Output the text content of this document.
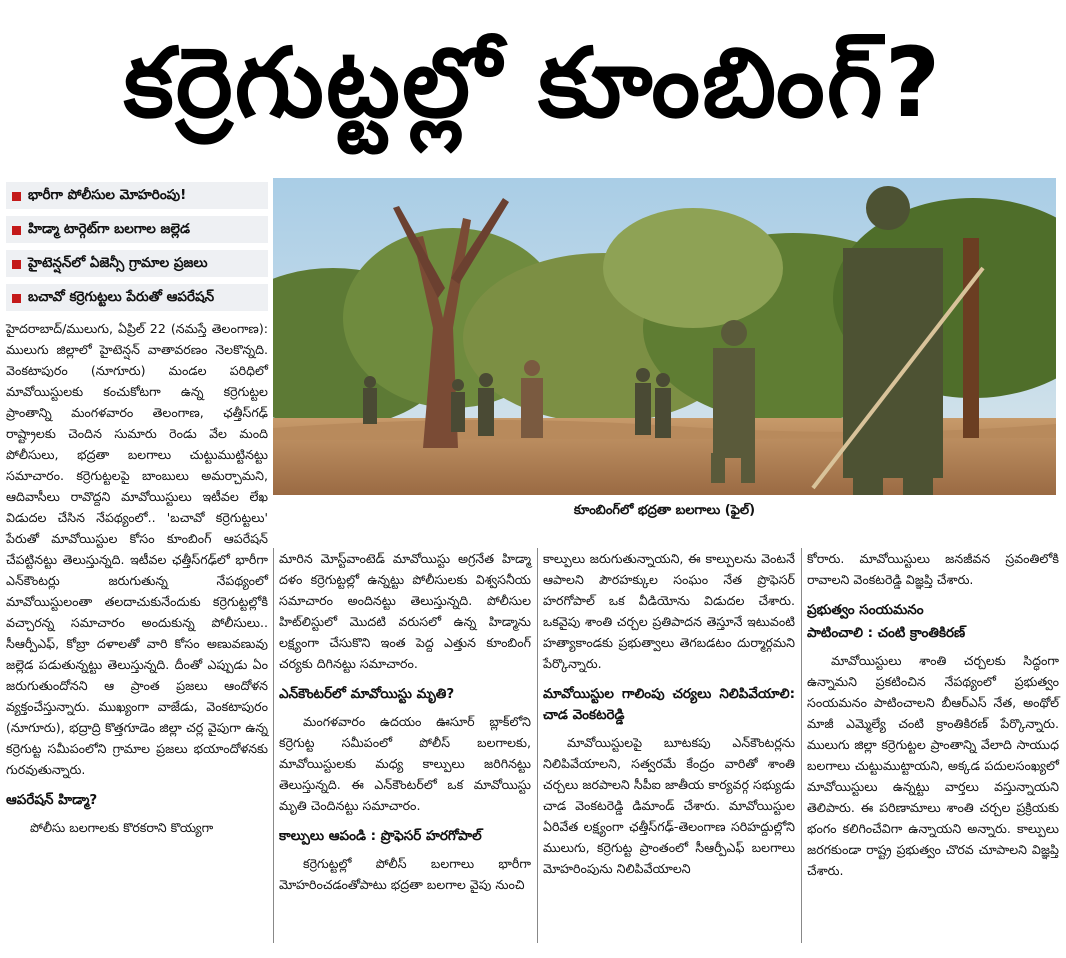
కర్రెగుట్టల్లో కూంబింగ్?
భారీగా పోలీసుల మోహరింపు!
హిడ్మా టార్గెట్‌గా బలగాల జల్లెడ
హైటెన్షన్‌లో ఏజెన్సీ గ్రామాల ప్రజలు
బచావో కర్రెగుట్టలు పేరుతో ఆపరేషన్
కూంబింగ్‌లో భద్రతా బలగాలు (ఫైల్)

హైదరాబాద్/ములుగు, ఏప్రిల్ 22 (నమస్తే తెలంగాణ): ములుగు జిల్లాలో హైటెన్షన్ వాతావరణం నెలకొన్నది. వెంకటాపురం (నూగూరు) మండల పరిధిలో మావోయిస్టులకు కంచుకోటగా ఉన్న కర్రెగుట్టల ప్రాంతాన్ని మంగళవారం తెలంగాణ, ఛత్తీస్‌గఢ్ రాష్ట్రాలకు చెందిన సుమారు రెండు వేల మంది పోలీసులు, భద్రతా బలగాలు చుట్టుముట్టినట్టు సమాచారం. కర్రెగుట్టలపై బాంబులు అమర్చామని, ఆదివాసీలు రావొద్దని మావోయిస్టులు ఇటీవల లేఖ విడుదల చేసిన నేపథ్యంలో.. 'బచావో కర్రెగుట్టలు' పేరుతో మావోయిస్టుల కోసం కూంబింగ్ ఆపరేషన్ చేపట్టినట్టు తెలుస్తున్నది. ఇటీవల ఛత్తీస్‌గఢ్‌లో భారీగా ఎన్‌కౌంటర్లు జరుగుతున్న నేపథ్యంలో మావోయిస్టులంతా తలదాచుకునేందుకు కర్రెగుట్టల్లోకి వచ్చారన్న సమాచారం అందుకున్న పోలీసులు.. సీఆర్పీఎఫ్, కోబ్రా దళాలతో వారి కోసం అణువణువు జల్లెడ పడుతున్నట్టు తెలుస్తున్నది. దీంతో ఎప్పుడు ఏం జరుగుతుందోనని ఆ ప్రాంత ప్రజలు ఆందోళన వ్యక్తంచేస్తున్నారు. ముఖ్యంగా వాజేడు, వెంకటాపురం (నూగూరు), భద్రాద్రి కొత్తగూడెం జిల్లా చర్ల వైపుగా ఉన్న కర్రెగుట్ట సమీపంలోని గ్రామాల ప్రజలు భయాందోళనకు గురవుతున్నారు.

ఆపరేషన్ హిడ్మా?

పోలీసు బలగాలకు కొరకరాని కొయ్యగా

మారిన మోస్ట్‌వాంటెడ్ మావోయిస్టు అగ్రనేత హిడ్మా దళం కర్రెగుట్టల్లో ఉన్నట్టు పోలీసులకు విశ్వసనీయ సమాచారం అందినట్టు తెలుస్తున్నది. పోలీసుల హిట్‌లిస్టులో మొదటి వరుసలో ఉన్న హిడ్మాను లక్ష్యంగా చేసుకొని ఇంత పెద్ద ఎత్తున కూంబింగ్ చర్యకు దిగినట్టు సమాచారం.

ఎన్‌కౌంటర్‌లో మావోయిస్టు మృతి?

మంగళవారం ఉదయం ఊసూర్ బ్లాక్‌లోని కర్రెగుట్ట సమీపంలో పోలీస్ బలగాలకు, మావోయిస్టులకు మధ్య కాల్పులు జరిగినట్టు తెలుస్తున్నది. ఈ ఎన్‌కౌంటర్‌లో ఒక మావోయిస్టు మృతి చెందినట్టు సమాచారం.

కాల్పులు ఆపండి : ప్రొఫెసర్ హరగోపాల్

కర్రెగుట్టల్లో పోలీస్ బలగాలు భారీగా మోహరించడంతోపాటు భద్రతా బలగాల వైపు నుంచి

కాల్పులు జరుగుతున్నాయని, ఈ కాల్పులను వెంటనే ఆపాలని పౌరహక్కుల సంఘం నేత ప్రొఫెసర్ హరగోపాల్ ఒక వీడియోను విడుదల చేశారు. ఒకవైపు శాంతి చర్చల ప్రతిపాదన తెస్తూనే ఇటువంటి హత్యాకాండకు ప్రభుత్వాలు తెగబడటం దుర్మార్గమని పేర్కొన్నారు.

మావోయిస్టుల గాలింపు చర్యలు నిలిపివేయాలి: చాడ వెంకటరెడ్డి

మావోయిస్టులపై బూటకపు ఎన్‌కౌంటర్లను నిలిపివేయాలని, సత్వరమే కేంద్రం వారితో శాంతి చర్చలు జరపాలని సీపీఐ జాతీయ కార్యవర్గ సభ్యుడు చాడ వెంకటరెడ్డి డిమాండ్ చేశారు. మావోయిస్టుల ఏరివేత లక్ష్యంగా ఛత్తీస్‌గఢ్-తెలంగాణ సరిహద్దుల్లోని ములుగు, కర్రెగుట్ట ప్రాంతంలో సీఆర్పీఎఫ్ బలగాలు మోహరింపును నిలిపివేయాలని

కోరారు. మావోయిస్టులు జనజీవన స్రవంతిలోకి రావాలని వెంకటరెడ్డి విజ్ఞప్తి చేశారు.

ప్రభుత్వం సంయమనం

పాటించాలి : చంటి క్రాంతికిరణ్

మావోయిస్టులు శాంతి చర్చలకు సిద్ధంగా ఉన్నామని ప్రకటించిన నేపథ్యంలో ప్రభుత్వం సంయమనం పాటించాలని బీఆర్ఎస్ నేత, అంథోల్ మాజీ ఎమ్మెల్యే చంటి క్రాంతికిరణ్ పేర్కొన్నారు. ములుగు జిల్లా కర్రెగుట్టల ప్రాంతాన్ని వేలాది సాయుధ బలగాలు చుట్టుముట్టాయని, అక్కడ పదులసంఖ్యలో మావోయిస్టులు ఉన్నట్టు వార్తలు వస్తున్నాయని తెలిపారు. ఈ పరిణామాలు శాంతి చర్చల ప్రక్రియకు భంగం కలిగించేవిగా ఉన్నాయని అన్నారు. కాల్పులు జరగకుండా రాష్ట్ర ప్రభుత్వం చొరవ చూపాలని విజ్ఞప్తి చేశారు.
